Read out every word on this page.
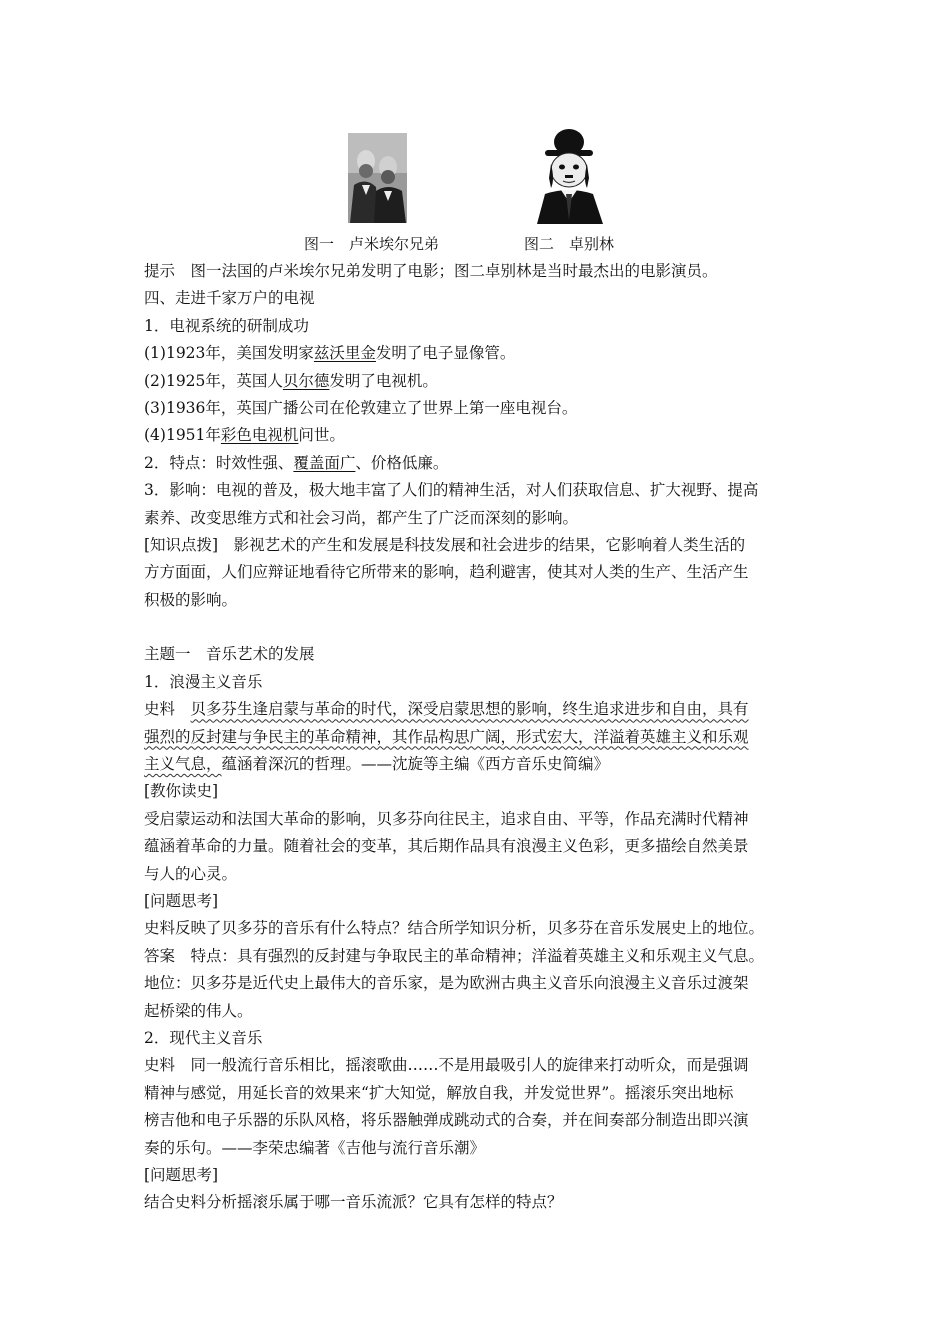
图一　卢米埃尔兄弟	图二　卓别林
提示　图一法国的卢米埃尔兄弟发明了电影；图二卓别林是当时最杰出的电影演员。
四、走进千家万户的电视
1．电视系统的研制成功
(1)1923年，美国发明家兹沃里金发明了电子显像管。
(2)1925年，英国人贝尔德发明了电视机。
(3)1936年，英国广播公司在伦敦建立了世界上第一座电视台。
(4)1951年彩色电视机问世。
2．特点：时效性强、覆盖面广、价格低廉。
3．影响：电视的普及，极大地丰富了人们的精神生活，对人们获取信息、扩大视野、提高
素养、改变思维方式和社会习尚，都产生了广泛而深刻的影响。
[知识点拨]　影视艺术的产生和发展是科技发展和社会进步的结果，它影响着人类生活的
方方面面，人们应辩证地看待它所带来的影响，趋利避害，使其对人类的生产、生活产生
积极的影响。
主题一　音乐艺术的发展
1．浪漫主义音乐
史料　贝多芬生逢启蒙与革命的时代，深受启蒙思想的影响，终生追求进步和自由，具有
强烈的反封建与争民主的革命精神，其作品构思广阔，形式宏大，洋溢着英雄主义和乐观
主义气息，蕴涵着深沉的哲理。——沈旋等主编《西方音乐史简编》
[教你读史]
受启蒙运动和法国大革命的影响，贝多芬向往民主，追求自由、平等，作品充满时代精神
蕴涵着革命的力量。随着社会的变革，其后期作品具有浪漫主义色彩，更多描绘自然美景
与人的心灵。
[问题思考]
史料反映了贝多芬的音乐有什么特点？结合所学知识分析，贝多芬在音乐发展史上的地位。
答案　特点：具有强烈的反封建与争取民主的革命精神；洋溢着英雄主义和乐观主义气息。
地位：贝多芬是近代史上最伟大的音乐家，是为欧洲古典主义音乐向浪漫主义音乐过渡架
起桥梁的伟人。
2．现代主义音乐
史料　同一般流行音乐相比，摇滚歌曲……不是用最吸引人的旋律来打动听众，而是强调
精神与感觉，用延长音的效果来“扩大知觉，解放自我，并发觉世界”。摇滚乐突出地标
榜吉他和电子乐器的乐队风格，将乐器触弹成跳动式的合奏，并在间奏部分制造出即兴演
奏的乐句。——李荣忠编著《吉他与流行音乐潮》
[问题思考]
结合史料分析摇滚乐属于哪一音乐流派？它具有怎样的特点？
